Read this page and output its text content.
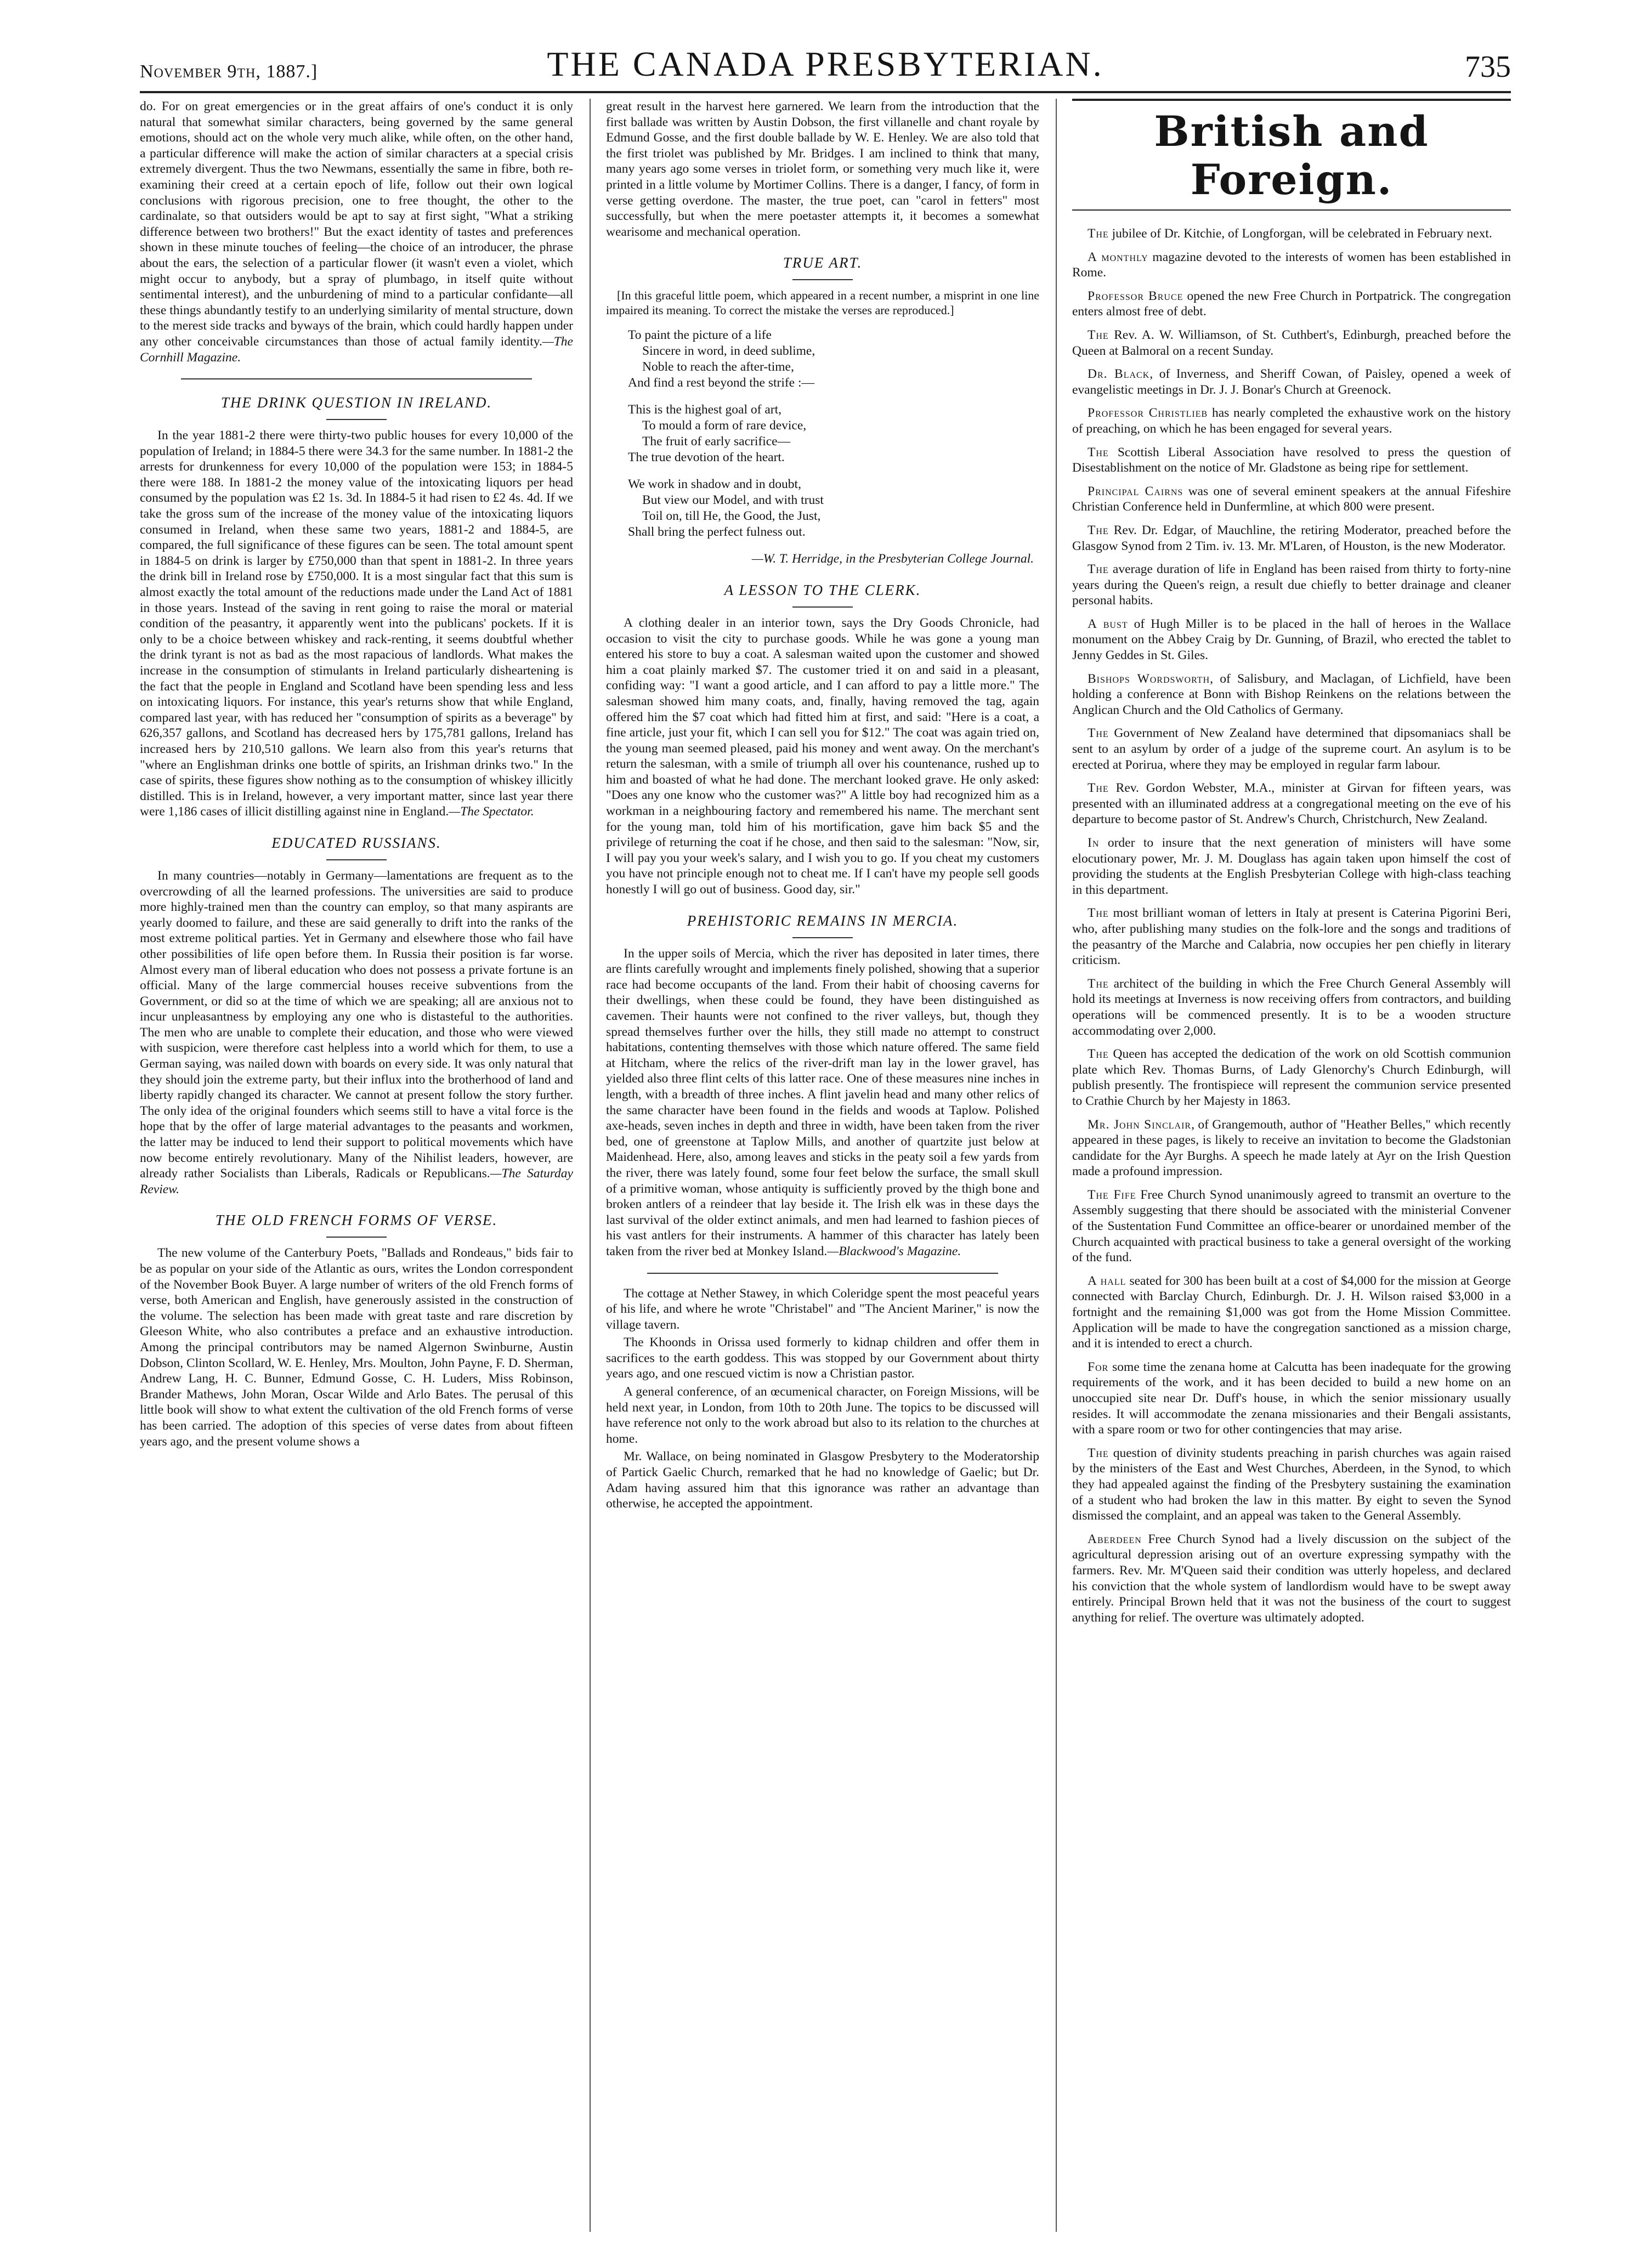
November 9th, 1887.]	THE CANADA PRESBYTERIAN.	735

do. For on great emergencies or in the great affairs of one's conduct it is only natural that somewhat similar characters, being governed by the same general emotions, should act on the whole very much alike, while often, on the other hand, a particular difference will make the action of similar characters at a special crisis extremely divergent. Thus the two Newmans, essentially the same in fibre, both re-examining their creed at a certain epoch of life, follow out their own logical conclusions with rigorous precision, one to free thought, the other to the cardinalate, so that outsiders would be apt to say at first sight, "What a striking difference between two brothers!" But the exact identity of tastes and preferences shown in these minute touches of feeling—the choice of an introducer, the phrase about the ears, the selection of a particular flower (it wasn't even a violet, which might occur to anybody, but a spray of plumbago, in itself quite without sentimental interest), and the unburdening of mind to a particular confidante—all these things abundantly testify to an underlying similarity of mental structure, down to the merest side tracks and byways of the brain, which could hardly happen under any other conceivable circumstances than those of actual family identity.—The Cornhill Magazine.

THE DRINK QUESTION IN IRELAND.

In the year 1881-2 there were thirty-two public houses for every 10,000 of the population of Ireland; in 1884-5 there were 34.3 for the same number. In 1881-2 the arrests for drunkenness for every 10,000 of the population were 153; in 1884-5 there were 188. In 1881-2 the money value of the intoxicating liquors per head consumed by the population was £2 1s. 3d. In 1884-5 it had risen to £2 4s. 4d. If we take the gross sum of the increase of the money value of the intoxicating liquors consumed in Ireland, when these same two years, 1881-2 and 1884-5, are compared, the full significance of these figures can be seen. The total amount spent in 1884-5 on drink is larger by £750,000 than that spent in 1881-2. In three years the drink bill in Ireland rose by £750,000. It is a most singular fact that this sum is almost exactly the total amount of the reductions made under the Land Act of 1881 in those years. Instead of the saving in rent going to raise the moral or material condition of the peasantry, it apparently went into the publicans' pockets. If it is only to be a choice between whiskey and rack-renting, it seems doubtful whether the drink tyrant is not as bad as the most rapacious of landlords. What makes the increase in the consumption of stimulants in Ireland particularly disheartening is the fact that the people in England and Scotland have been spending less and less on intoxicating liquors. For instance, this year's returns show that while England, compared last year, with has reduced her "consumption of spirits as a beverage" by 626,357 gallons, and Scotland has decreased hers by 175,781 gallons, Ireland has increased hers by 210,510 gallons. We learn also from this year's returns that "where an Englishman drinks one bottle of spirits, an Irishman drinks two." In the case of spirits, these figures show nothing as to the consumption of whiskey illicitly distilled. This is in Ireland, however, a very important matter, since last year there were 1,186 cases of illicit distilling against nine in England.—The Spectator.

EDUCATED RUSSIANS.

In many countries—notably in Germany—lamentations are frequent as to the overcrowding of all the learned professions. The universities are said to produce more highly-trained men than the country can employ, so that many aspirants are yearly doomed to failure, and these are said generally to drift into the ranks of the most extreme political parties. Yet in Germany and elsewhere those who fail have other possibilities of life open before them. In Russia their position is far worse. Almost every man of liberal education who does not possess a private fortune is an official. Many of the large commercial houses receive subventions from the Government, or did so at the time of which we are speaking; all are anxious not to incur unpleasantness by employing any one who is distasteful to the authorities. The men who are unable to complete their education, and those who were viewed with suspicion, were therefore cast helpless into a world which for them, to use a German saying, was nailed down with boards on every side. It was only natural that they should join the extreme party, but their influx into the brotherhood of land and liberty rapidly changed its character. We cannot at present follow the story further. The only idea of the original founders which seems still to have a vital force is the hope that by the offer of large material advantages to the peasants and workmen, the latter may be induced to lend their support to political movements which have now become entirely revolutionary. Many of the Nihilist leaders, however, are already rather Socialists than Liberals, Radicals or Republicans.—The Saturday Review.

THE OLD FRENCH FORMS OF VERSE.

The new volume of the Canterbury Poets, "Ballads and Rondeaus," bids fair to be as popular on your side of the Atlantic as ours, writes the London correspondent of the November Book Buyer. A large number of writers of the old French forms of verse, both American and English, have generously assisted in the construction of the volume. The selection has been made with great taste and rare discretion by Gleeson White, who also contributes a preface and an exhaustive introduction. Among the principal contributors may be named Algernon Swinburne, Austin Dobson, Clinton Scollard, W. E. Henley, Mrs. Moulton, John Payne, F. D. Sherman, Andrew Lang, H. C. Bunner, Edmund Gosse, C. H. Luders, Miss Robinson, Brander Mathews, John Moran, Oscar Wilde and Arlo Bates. The perusal of this little book will show to what extent the cultivation of the old French forms of verse has been carried. The adoption of this species of verse dates from about fifteen years ago, and the present volume shows a

great result in the harvest here garnered. We learn from the introduction that the first ballade was written by Austin Dobson, the first villanelle and chant royale by Edmund Gosse, and the first double ballade by W. E. Henley. We are also told that the first triolet was published by Mr. Bridges. I am inclined to think that many, many years ago some verses in triolet form, or something very much like it, were printed in a little volume by Mortimer Collins. There is a danger, I fancy, of form in verse getting overdone. The master, the true poet, can "carol in fetters" most successfully, but when the mere poetaster attempts it, it becomes a somewhat wearisome and mechanical operation.

TRUE ART.
[In this graceful little poem, which appeared in a recent number, a misprint in one line impaired its meaning. To correct the mistake the verses are reproduced.]
To paint the picture of a life
Sincere in word, in deed sublime,
Noble to reach the after-time,
And find a rest beyond the strife :—
This is the highest goal of art,
To mould a form of rare device,
The fruit of early sacrifice—
The true devotion of the heart.
We work in shadow and in doubt,
But view our Model, and with trust
Toil on, till He, the Good, the Just,
Shall bring the perfect fulness out.
—W. T. Herridge, in the Presbyterian College Journal.
A LESSON TO THE CLERK.

A clothing dealer in an interior town, says the Dry Goods Chronicle, had occasion to visit the city to purchase goods. While he was gone a young man entered his store to buy a coat. A salesman waited upon the customer and showed him a coat plainly marked $7. The customer tried it on and said in a pleasant, confiding way: "I want a good article, and I can afford to pay a little more." The salesman showed him many coats, and, finally, having removed the tag, again offered him the $7 coat which had fitted him at first, and said: "Here is a coat, a fine article, just your fit, which I can sell you for $12." The coat was again tried on, the young man seemed pleased, paid his money and went away. On the merchant's return the salesman, with a smile of triumph all over his countenance, rushed up to him and boasted of what he had done. The merchant looked grave. He only asked: "Does any one know who the customer was?" A little boy had recognized him as a workman in a neighbouring factory and remembered his name. The merchant sent for the young man, told him of his mortification, gave him back $5 and the privilege of returning the coat if he chose, and then said to the salesman: "Now, sir, I will pay you your week's salary, and I wish you to go. If you cheat my customers you have not principle enough not to cheat me. If I can't have my people sell goods honestly I will go out of business. Good day, sir."

PREHISTORIC REMAINS IN MERCIA.

In the upper soils of Mercia, which the river has deposited in later times, there are flints carefully wrought and implements finely polished, showing that a superior race had become occupants of the land. From their habit of choosing caverns for their dwellings, when these could be found, they have been distinguished as cavemen. Their haunts were not confined to the river valleys, but, though they spread themselves further over the hills, they still made no attempt to construct habitations, contenting themselves with those which nature offered. The same field at Hitcham, where the relics of the river-drift man lay in the lower gravel, has yielded also three flint celts of this latter race. One of these measures nine inches in length, with a breadth of three inches. A flint javelin head and many other relics of the same character have been found in the fields and woods at Taplow. Polished axe-heads, seven inches in depth and three in width, have been taken from the river bed, one of greenstone at Taplow Mills, and another of quartzite just below at Maidenhead. Here, also, among leaves and sticks in the peaty soil a few yards from the river, there was lately found, some four feet below the surface, the small skull of a primitive woman, whose antiquity is sufficiently proved by the thigh bone and broken antlers of a reindeer that lay beside it. The Irish elk was in these days the last survival of the older extinct animals, and men had learned to fashion pieces of his vast antlers for their instruments. A hammer of this character has lately been taken from the river bed at Monkey Island.—Blackwood's Magazine.

The cottage at Nether Stawey, in which Coleridge spent the most peaceful years of his life, and where he wrote "Christabel" and "The Ancient Mariner," is now the village tavern.

The Khoonds in Orissa used formerly to kidnap children and offer them in sacrifices to the earth goddess. This was stopped by our Government about thirty years ago, and one rescued victim is now a Christian pastor.

A general conference, of an œcumenical character, on Foreign Missions, will be held next year, in London, from 10th to 20th June. The topics to be discussed will have reference not only to the work abroad but also to its relation to the churches at home.

Mr. Wallace, on being nominated in Glasgow Presbytery to the Moderatorship of Partick Gaelic Church, remarked that he had no knowledge of Gaelic; but Dr. Adam having assured him that this ignorance was rather an advantage than otherwise, he accepted the appointment.

British and Foreign.

The jubilee of Dr. Kitchie, of Longforgan, will be celebrated in February next.

A monthly magazine devoted to the interests of women has been established in Rome.

Professor Bruce opened the new Free Church in Portpatrick. The congregation enters almost free of debt.

The Rev. A. W. Williamson, of St. Cuthbert's, Edinburgh, preached before the Queen at Balmoral on a recent Sunday.

Dr. Black, of Inverness, and Sheriff Cowan, of Paisley, opened a week of evangelistic meetings in Dr. J. J. Bonar's Church at Greenock.

Professor Christlieb has nearly completed the exhaustive work on the history of preaching, on which he has been engaged for several years.

The Scottish Liberal Association have resolved to press the question of Disestablishment on the notice of Mr. Gladstone as being ripe for settlement.

Principal Cairns was one of several eminent speakers at the annual Fifeshire Christian Conference held in Dunfermline, at which 800 were present.

The Rev. Dr. Edgar, of Mauchline, the retiring Moderator, preached before the Glasgow Synod from 2 Tim. iv. 13. Mr. M'Laren, of Houston, is the new Moderator.

The average duration of life in England has been raised from thirty to forty-nine years during the Queen's reign, a result due chiefly to better drainage and cleaner personal habits.

A bust of Hugh Miller is to be placed in the hall of heroes in the Wallace monument on the Abbey Craig by Dr. Gunning, of Brazil, who erected the tablet to Jenny Geddes in St. Giles.

Bishops Wordsworth, of Salisbury, and Maclagan, of Lichfield, have been holding a conference at Bonn with Bishop Reinkens on the relations between the Anglican Church and the Old Catholics of Germany.

The Government of New Zealand have determined that dipsomaniacs shall be sent to an asylum by order of a judge of the supreme court. An asylum is to be erected at Porirua, where they may be employed in regular farm labour.

The Rev. Gordon Webster, M.A., minister at Girvan for fifteen years, was presented with an illuminated address at a congregational meeting on the eve of his departure to become pastor of St. Andrew's Church, Christchurch, New Zealand.

In order to insure that the next generation of ministers will have some elocutionary power, Mr. J. M. Douglass has again taken upon himself the cost of providing the students at the English Presbyterian College with high-class teaching in this department.

The most brilliant woman of letters in Italy at present is Caterina Pigorini Beri, who, after publishing many studies on the folk-lore and the songs and traditions of the peasantry of the Marche and Calabria, now occupies her pen chiefly in literary criticism.

The architect of the building in which the Free Church General Assembly will hold its meetings at Inverness is now receiving offers from contractors, and building operations will be commenced presently. It is to be a wooden structure accommodating over 2,000.

The Queen has accepted the dedication of the work on old Scottish communion plate which Rev. Thomas Burns, of Lady Glenorchy's Church Edinburgh, will publish presently. The frontispiece will represent the communion service presented to Crathie Church by her Majesty in 1863.

Mr. John Sinclair, of Grangemouth, author of "Heather Belles," which recently appeared in these pages, is likely to receive an invitation to become the Gladstonian candidate for the Ayr Burghs. A speech he made lately at Ayr on the Irish Question made a profound impression.

The Fife Free Church Synod unanimously agreed to transmit an overture to the Assembly suggesting that there should be associated with the ministerial Convener of the Sustentation Fund Committee an office-bearer or unordained member of the Church acquainted with practical business to take a general oversight of the working of the fund.

A hall seated for 300 has been built at a cost of $4,000 for the mission at George connected with Barclay Church, Edinburgh. Dr. J. H. Wilson raised $3,000 in a fortnight and the remaining $1,000 was got from the Home Mission Committee. Application will be made to have the congregation sanctioned as a mission charge, and it is intended to erect a church.

For some time the zenana home at Calcutta has been inadequate for the growing requirements of the work, and it has been decided to build a new home on an unoccupied site near Dr. Duff's house, in which the senior missionary usually resides. It will accommodate the zenana missionaries and their Bengali assistants, with a spare room or two for other contingencies that may arise.

The question of divinity students preaching in parish churches was again raised by the ministers of the East and West Churches, Aberdeen, in the Synod, to which they had appealed against the finding of the Presbytery sustaining the examination of a student who had broken the law in this matter. By eight to seven the Synod dismissed the complaint, and an appeal was taken to the General Assembly.

Aberdeen Free Church Synod had a lively discussion on the subject of the agricultural depression arising out of an overture expressing sympathy with the farmers. Rev. Mr. M'Queen said their condition was utterly hopeless, and declared his conviction that the whole system of landlordism would have to be swept away entirely. Principal Brown held that it was not the business of the court to suggest anything for relief. The overture was ultimately adopted.
